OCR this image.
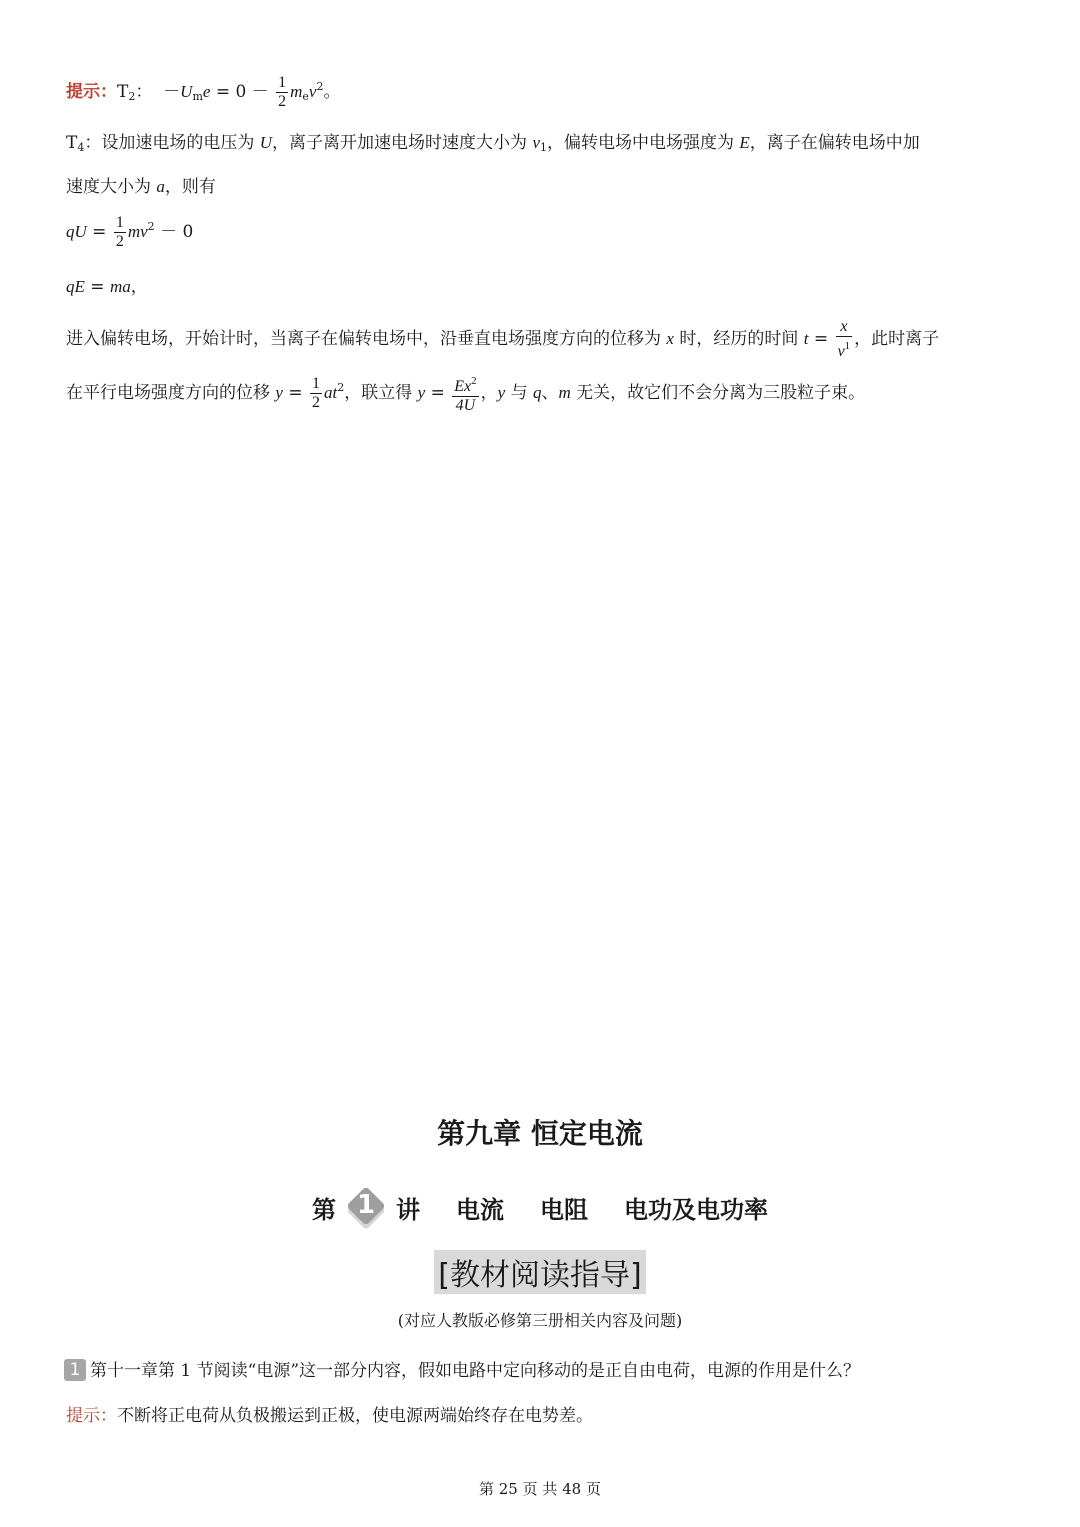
提示：$T_2$： $-U_me = 0 - \frac{1}{2} m_ev^2$。
$T_4$：设加速电场的电压为 U，离子离开加速电场时速度大小为 $v_1$，偏转电场中电场强度为 E，离子在偏转电场中加
速度大小为 a，则有
qU = $\frac{1}{2} mv^2 - 0$
qE = ma，
进入偏转电场，开始计时，当离子在偏转电场中，沿垂直电场强度方向的位移为 x 时，经历的时间 $t = \frac{x}{v^1}$ ，此时离子
在平行电场强度方向的位移 $y = \frac{1}{2} at^2$，联立得 $y = \frac{Ex^2}{4U}$ ，y 与 q、m 无关，故它们不会分离为三股粒子束。
第九章 恒定电流
第 1 讲 电流 电阻 电功及电功率
[教材阅读指导]
(对应人教版必修第三册相关内容及问题)
1 第十一章第 1 节阅读“电源”这一部分内容，假如电路中定向移动的是正自由电荷，电源的作用是什么？
提示：不断将正电荷从负极搬运到正极，使电源两端始终存在电势差。
第 25 页 共 48 页
